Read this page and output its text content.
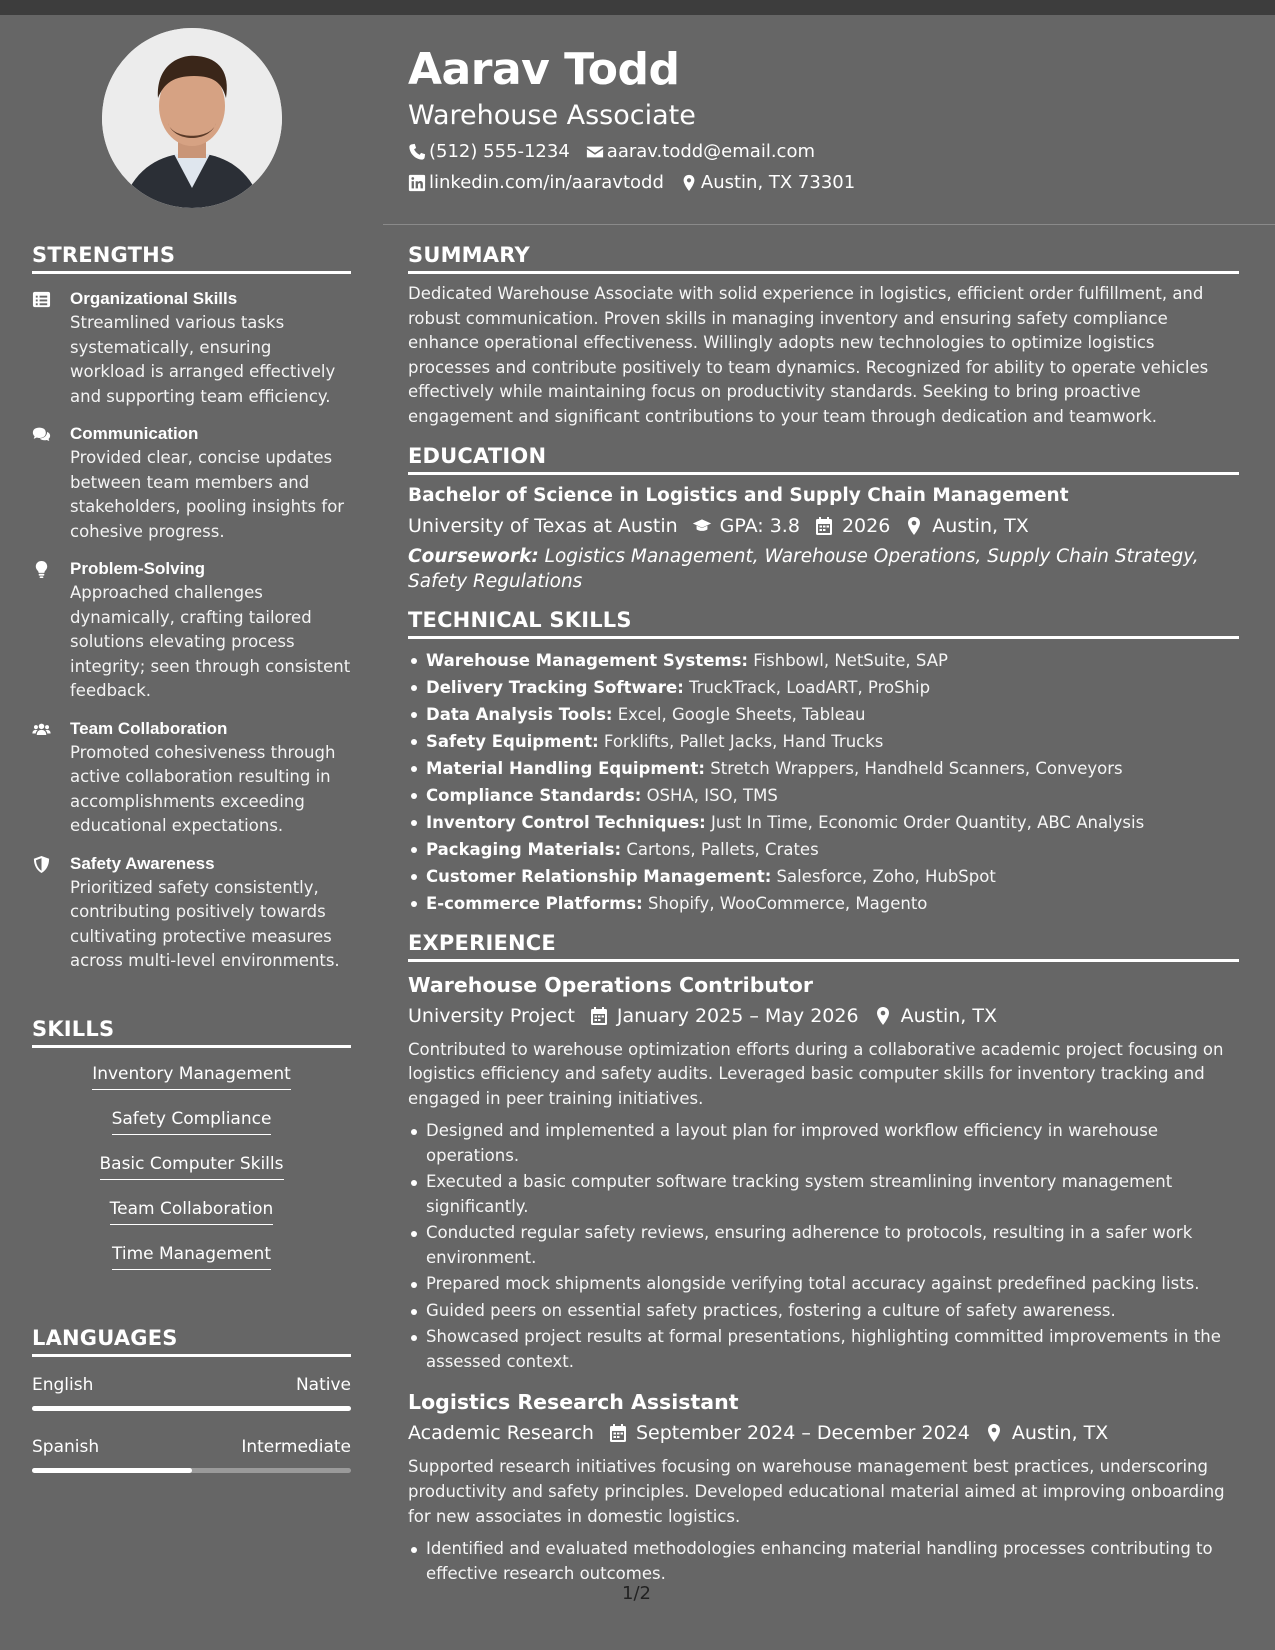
STRENGTHS
Organizational Skills
Streamlined various tasks systematically, ensuring workload is arranged effectively and supporting team efficiency.
Communication
Provided clear, concise updates between team members and stakeholders, pooling insights for cohesive progress.
Problem-Solving
Approached challenges dynamically, crafting tailored solutions elevating process integrity; seen through consistent feedback.
Team Collaboration
Promoted cohesiveness through active collaboration resulting in accomplishments exceeding educational expectations.
Safety Awareness
Prioritized safety consistently, contributing positively towards cultivating protective measures across multi-level environments.
SKILLS
Inventory Management
Safety Compliance
Basic Computer Skills
Team Collaboration
Time Management
LANGUAGES
English	Native
Spanish	Intermediate
Aarav Todd
Warehouse Associate
(512) 555-1234 aarav.todd@email.com
linkedin.com/in/aaravtodd Austin, TX 73301
SUMMARY
Dedicated Warehouse Associate with solid experience in logistics, efficient order fulfillment, and robust communication. Proven skills in managing inventory and ensuring safety compliance enhance operational effectiveness. Willingly adopts new technologies to optimize logistics processes and contribute positively to team dynamics. Recognized for ability to operate vehicles effectively while maintaining focus on productivity standards. Seeking to bring proactive engagement and significant contributions to your team through dedication and teamwork.
EDUCATION
Bachelor of Science in Logistics and Supply Chain Management
University of Texas at Austin GPA: 3.8 2026 Austin, TX
Coursework: Logistics Management, Warehouse Operations, Supply Chain Strategy, Safety Regulations
TECHNICAL SKILLS
Warehouse Management Systems: Fishbowl, NetSuite, SAP
Delivery Tracking Software: TruckTrack, LoadART, ProShip
Data Analysis Tools: Excel, Google Sheets, Tableau
Safety Equipment: Forklifts, Pallet Jacks, Hand Trucks
Material Handling Equipment: Stretch Wrappers, Handheld Scanners, Conveyors
Compliance Standards: OSHA, ISO, TMS
Inventory Control Techniques: Just In Time, Economic Order Quantity, ABC Analysis
Packaging Materials: Cartons, Pallets, Crates
Customer Relationship Management: Salesforce, Zoho, HubSpot
E-commerce Platforms: Shopify, WooCommerce, Magento
EXPERIENCE
Warehouse Operations Contributor
University Project January 2025 – May 2026 Austin, TX
Contributed to warehouse optimization efforts during a collaborative academic project focusing on logistics efficiency and safety audits. Leveraged basic computer skills for inventory tracking and engaged in peer training initiatives.
Designed and implemented a layout plan for improved workflow efficiency in warehouse operations.
Executed a basic computer software tracking system streamlining inventory management significantly.
Conducted regular safety reviews, ensuring adherence to protocols, resulting in a safer work environment.
Prepared mock shipments alongside verifying total accuracy against predefined packing lists.
Guided peers on essential safety practices, fostering a culture of safety awareness.
Showcased project results at formal presentations, highlighting committed improvements in the assessed context.
Logistics Research Assistant
Academic Research September 2024 – December 2024 Austin, TX
Supported research initiatives focusing on warehouse management best practices, underscoring productivity and safety principles. Developed educational material aimed at improving onboarding for new associates in domestic logistics.
Identified and evaluated methodologies enhancing material handling processes contributing to effective research outcomes.
1/2
